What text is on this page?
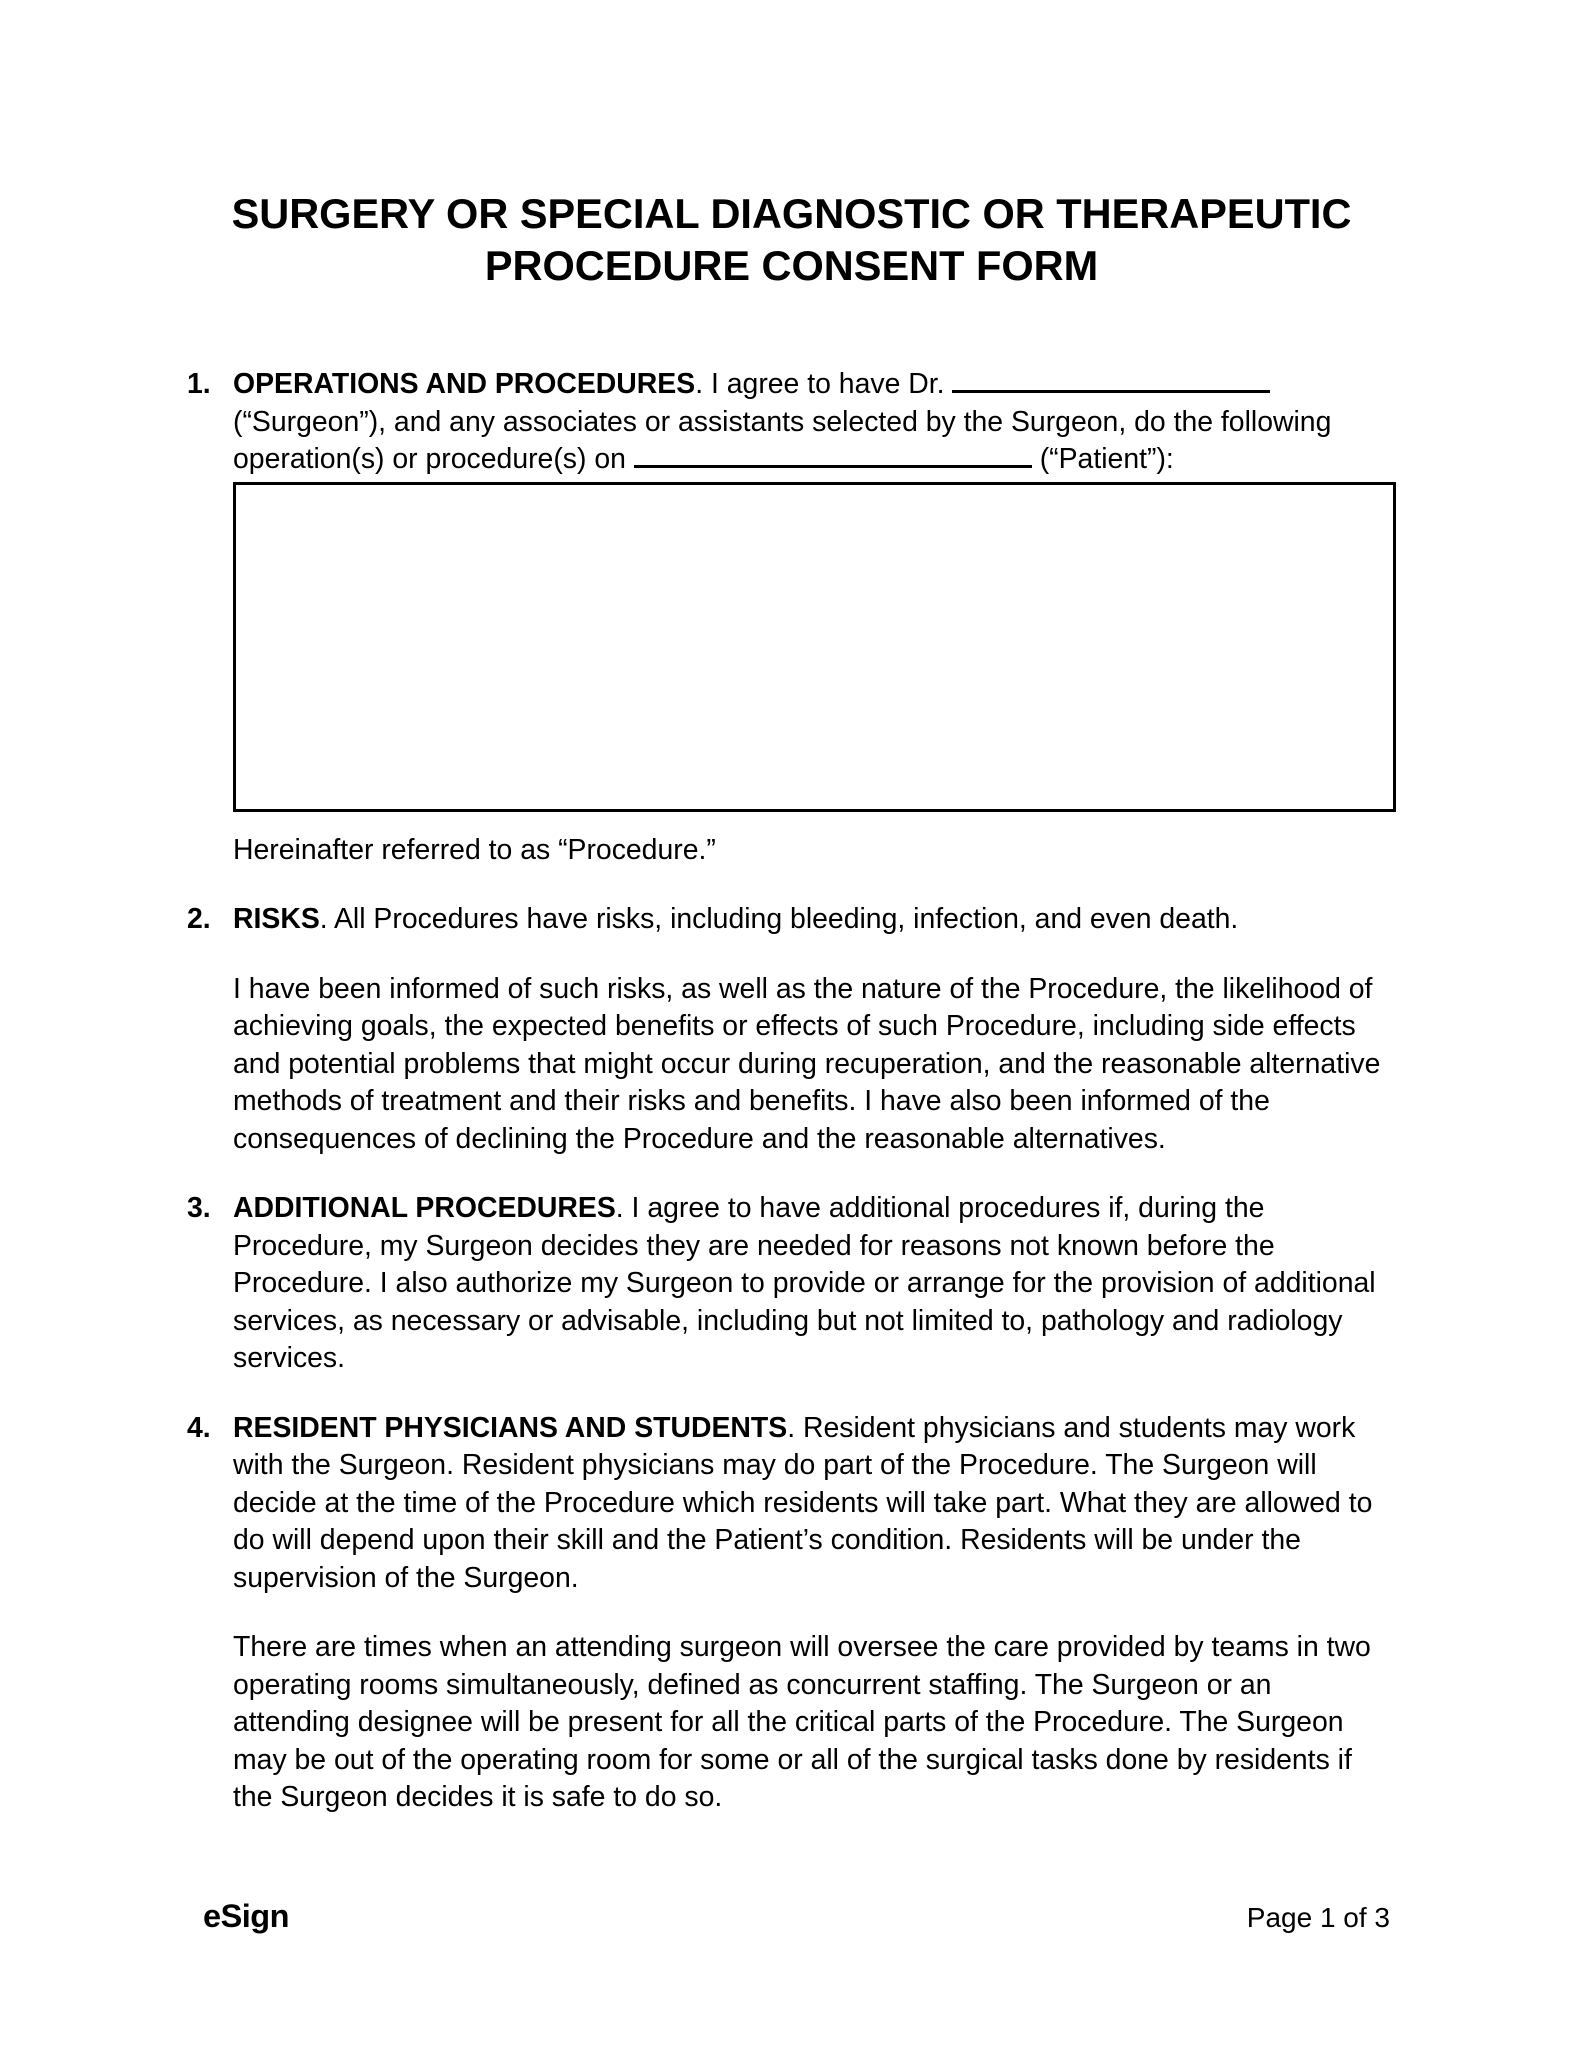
SURGERY OR SPECIAL DIAGNOSTIC OR THERAPEUTIC PROCEDURE CONSENT FORM
1. OPERATIONS AND PROCEDURES. I agree to have Dr.  (“Surgeon”), and any associates or assistants selected by the Surgeon, do the following operation(s) or procedure(s) on	(“Patient”):

Hereinafter referred to as “Procedure.”

2. RISKS. All Procedures have risks, including bleeding, infection, and even death.

I have been informed of such risks, as well as the nature of the Procedure, the likelihood of achieving goals, the expected benefits or effects of such Procedure, including side effects and potential problems that might occur during recuperation, and the reasonable alternative methods of treatment and their risks and benefits. I have also been informed of the consequences of declining the Procedure and the reasonable alternatives.

3. ADDITIONAL PROCEDURES. I agree to have additional procedures if, during the Procedure, my Surgeon decides they are needed for reasons not known before the Procedure. I also authorize my Surgeon to provide or arrange for the provision of additional services, as necessary or advisable, including but not limited to, pathology and radiology services.

4. RESIDENT PHYSICIANS AND STUDENTS. Resident physicians and students may work with the Surgeon. Resident physicians may do part of the Procedure. The Surgeon will decide at the time of the Procedure which residents will take part. What they are allowed to do will depend upon their skill and the Patient’s condition. Residents will be under the supervision of the Surgeon.

There are times when an attending surgeon will oversee the care provided by teams in two operating rooms simultaneously, defined as concurrent staffing. The Surgeon or an attending designee will be present for all the critical parts of the Procedure. The Surgeon may be out of the operating room for some or all of the surgical tasks done by residents if the Surgeon decides it is safe to do so.

eSign	Page 1 of 3
